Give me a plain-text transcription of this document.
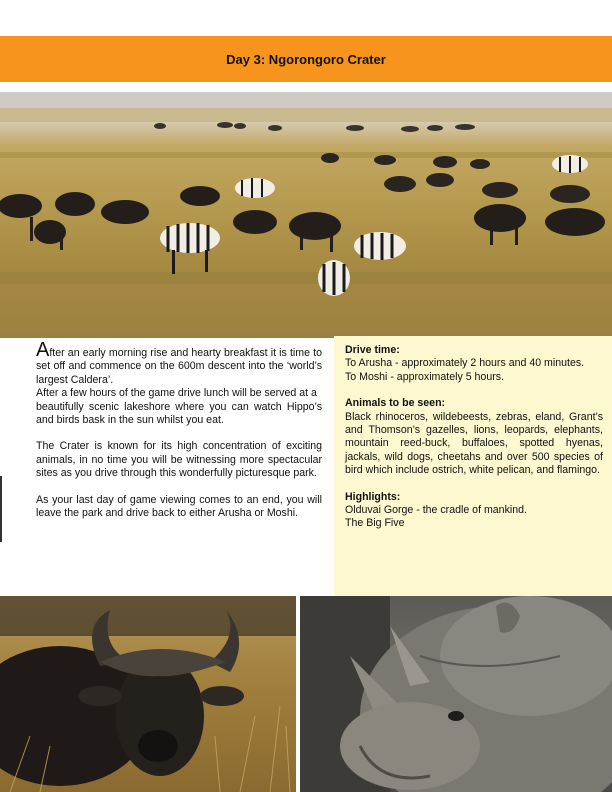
Day 3: Ngorongoro Crater

After an early morning rise and hearty breakfast it is time to set off and commence on the 600m descent into the ‘world’s largest Caldera’.

After a few hours of the game drive lunch will be served at a

beautifully scenic lakeshore where you can watch Hippo’s and birds bask in the sun whilst you eat.

The Crater is known for its high concentration of exciting animals, in no time you will be witnessing more spectacular sites as you drive through this wonderfully picturesque park.

As your last day of game viewing comes to an end, you will leave the park and drive back to either Arusha or Moshi.

Drive time:

To Arusha - approximately 2 hours and 40 minutes.

To Moshi - approximately 5 hours.

Animals to be seen:

Black rhinoceros, wildebeests, zebras, eland, Grant’s and Thomson’s gazelles, lions, leopards, elephants, mountain reed-buck, buffaloes, spotted hyenas, jackals, wild dogs, cheetahs and over 500 species of bird which include ostrich, white pelican, and flamingo.

Highlights:

Olduvai Gorge - the cradle of mankind.

The Big Five
